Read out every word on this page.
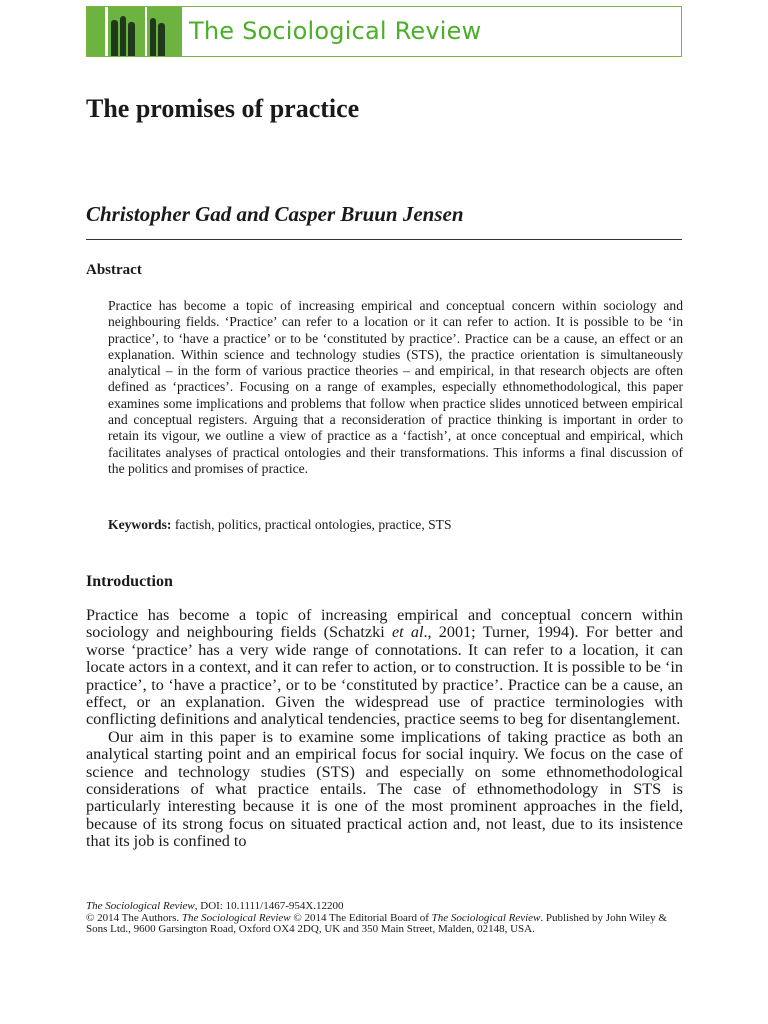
The Sociological Review
The promises of practice
Christopher Gad and Casper Bruun Jensen
Abstract
Practice has become a topic of increasing empirical and conceptual concern within sociology and neighbouring fields. ‘Practice’ can refer to a location or it can refer to action. It is possible to be ‘in practice’, to ‘have a practice’ or to be ‘constituted by practice’. Practice can be a cause, an effect or an explanation. Within science and technology studies (STS), the practice orientation is simultaneously analytical – in the form of various practice theories – and empirical, in that research objects are often defined as ‘practices’. Focusing on a range of examples, especially ethnomethodological, this paper examines some implications and problems that follow when practice slides unnoticed between empirical and conceptual registers. Arguing that a reconsideration of practice thinking is important in order to retain its vigour, we outline a view of practice as a ‘factish’, at once conceptual and empirical, which facilitates analyses of practical ontologies and their transformations. This informs a final discussion of the politics and promises of practice.
Keywords: factish, politics, practical ontologies, practice, STS
Introduction

Practice has become a topic of increasing empirical and conceptual concern within sociology and neighbouring fields (Schatzki et al., 2001; Turner, 1994). For better and worse ‘practice’ has a very wide range of connotations. It can refer to a location, it can locate actors in a context, and it can refer to action, or to construction. It is possible to be ‘in practice’, to ‘have a practice’, or to be ‘constituted by practice’. Practice can be a cause, an effect, or an explanation. Given the widespread use of practice terminologies with conflicting definitions and analytical tendencies, practice seems to beg for disentanglement.

Our aim in this paper is to examine some implications of taking practice as both an analytical starting point and an empirical focus for social inquiry. We focus on the case of science and technology studies (STS) and especially on some ethnomethodological considerations of what practice entails. The case of ethnomethodology in STS is particularly interesting because it is one of the most prominent approaches in the field, because of its strong focus on situated practical action and, not least, due to its insistence that its job is confined to

The Sociological Review, DOI: 10.1111/1467-954X.12200
© 2014 The Authors. The Sociological Review © 2014 The Editorial Board of The Sociological Review. Published by John Wiley & Sons Ltd., 9600 Garsington Road, Oxford OX4 2DQ, UK and 350 Main Street, Malden, 02148, USA.
